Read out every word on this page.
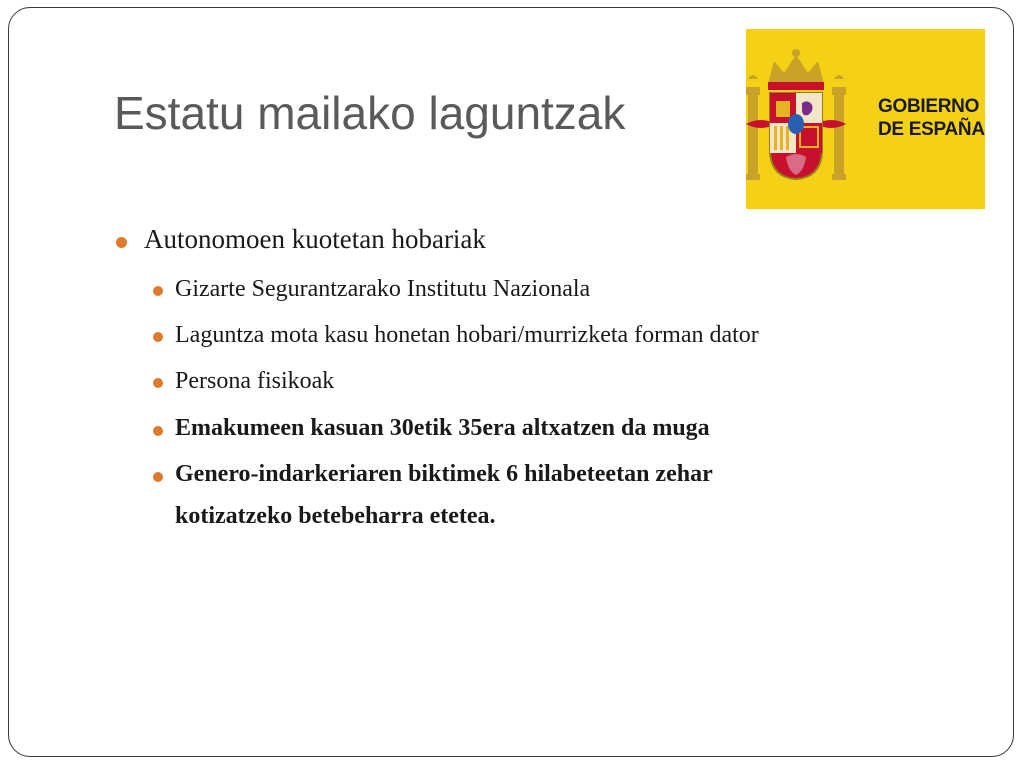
Estatu mailako laguntzak	GOBIERNO
DE ESPAÑA
Autonomoen kuotetan hobariak
Gizarte Segurantzarako Institutu Nazionala
Laguntza mota kasu honetan hobari/murrizketa forman dator
Persona fisikoak
Emakumeen kasuan 30etik 35era altxatzen da muga
Genero-indarkeriaren biktimek 6 hilabeteetan zehar
kotizatzeko betebeharra etetea.
